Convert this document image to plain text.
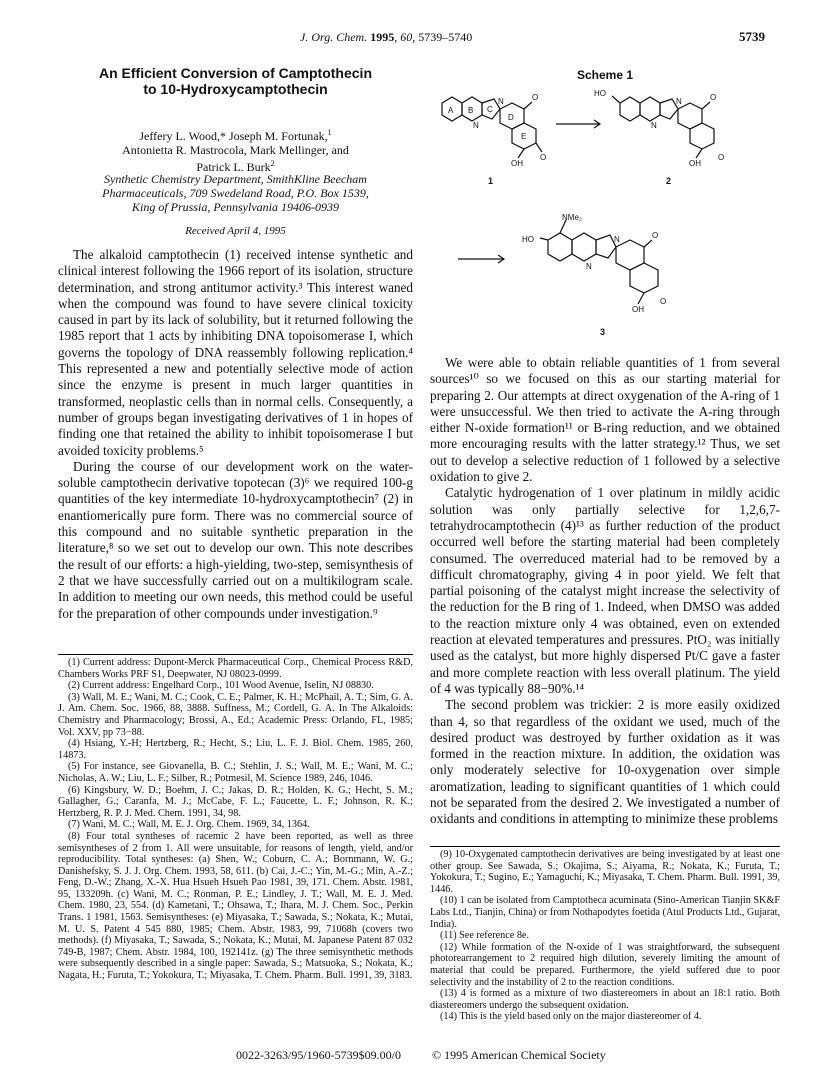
J. Org. Chem. 1995, 60, 5739–5740	5739
An Efficient Conversion of Camptothecin
to 10-Hydroxycamptothecin
Jeffery L. Wood,* Joseph M. Fortunak,$^1$
Antonietta R. Mastrocola, Mark Mellinger, and
Patrick L. Burk$^2$
Synthetic Chemistry Department, SmithKline Beecham
Pharmaceuticals, 709 Swedeland Road, P.O. Box 1539,
King of Prussia, Pennsylvania 19406-0939
Received April 4, 1995

The alkaloid camptothecin (1) received intense synthetic and clinical interest following the 1966 report of its isolation, structure determination, and strong antitumor activity.³ This interest waned when the compound was found to have severe clinical toxicity caused in part by its lack of solubility, but it returned following the 1985 report that 1 acts by inhibiting DNA topoisomerase I, which governs the topology of DNA reassembly following replication.⁴ This represented a new and potentially selective mode of action since the enzyme is present in much larger quantities in transformed, neoplastic cells than in normal cells. Consequently, a number of groups began investigating derivatives of 1 in hopes of finding one that retained the ability to inhibit topoisomerase I but avoided toxicity problems.⁵

During the course of our development work on the water-soluble camptothecin derivative topotecan (3)⁶ we required 100-g quantities of the key intermediate 10-hydroxycamptothecin⁷ (2) in enantiomerically pure form. There was no commercial source of this compound and no suitable synthetic preparation in the literature,⁸ so we set out to develop our own. This note describes the result of our efforts: a high-yielding, two-step, semisynthesis of 2 that we have successfully carried out on a multikilogram scale. In addition to meeting our own needs, this method could be useful for the preparation of other compounds under investigation.⁹

(1) Current address: Dupont-Merck Pharmaceutical Corp., Chemical Process R&D, Chambers Works PRF S1, Deepwater, NJ 08023-0999.

(2) Current address: Engelhard Corp., 101 Wood Avenue, Iselin, NJ 08830.

(3) Wall, M. E.; Wani, M. C.; Cook, C. E.; Palmer, K. H.; McPhail, A. T.; Sim, G. A. J. Am. Chem. Soc. 1966, 88, 3888. Suffness, M.; Cordell, G. A. In The Alkaloids: Chemistry and Pharmacology; Brossi, A., Ed.; Academic Press: Orlando, FL, 1985; Vol. XXV, pp 73−88.

(4) Hsiang, Y.-H; Hertzberg, R.; Hecht, S.; Liu, L. F. J. Biol. Chem. 1985, 260, 14873.

(5) For instance, see Giovanella, B. C.; Stehlin, J. S.; Wall, M. E.; Wani, M. C.; Nicholas, A. W.; Liu, L. F.; Silber, R.; Potmesil, M. Science 1989, 246, 1046.

(6) Kingsbury, W. D.; Boehm, J. C.; Jakas, D. R.; Holden, K. G.; Hecht, S. M.; Gallagher, G.; Caranfa, M. J.; McCabe, F. L.; Faucette, L. F.; Johnson, R. K.; Hertzberg, R. P. J. Med. Chem. 1991, 34, 98.

(7) Wani, M. C.; Wall, M. E. J. Org. Chem. 1969, 34, 1364.

(8) Four total syntheses of racemic 2 have been reported, as well as three semisyntheses of 2 from 1. All were unsuitable, for reasons of length, yield, and/or reproducibility. Total syntheses: (a) Shen, W.; Coburn, C. A.; Bornmann, W. G.; Danishefsky, S. J. J. Org. Chem. 1993, 58, 611. (b) Cai, J.-C.; Yin, M.-G.; Min, A.-Z.; Feng, D.-W.; Zhang, X.-X. Hua Hsueh Hsueh Pao 1981, 39, 171. Chem. Abstr. 1981, 95, 133209h. (c) Wani, M. C.; Ronman, P. E.; Lindley, J. T.; Wall, M. E. J. Med. Chem. 1980, 23, 554. (d) Kametani, T.; Ohsawa, T.; Ihara, M. J. Chem. Soc., Perkin Trans. 1 1981, 1563. Semisyntheses: (e) Miyasaka, T.; Sawada, S.; Nokata, K.; Mutai, M. U. S. Patent 4 545 880, 1985; Chem. Abstr. 1983, 99, 71068h (covers two methods). (f) Miyasaka, T.; Sawada, S.; Nokata, K.; Mutai, M. Japanese Patent 87 032 749-B, 1987; Chem. Abstr. 1984, 100, 192141z. (g) The three semisynthetic methods were subsequently described in a single paper: Sawada, S.; Matsuoka, S.; Nokata, K.; Nagata, H.; Furuta, T.; Yokokura, T.; Miyasaka, T. Chem. Pharm. Bull. 1991, 39, 3183.

Scheme 1
A B C
D
E
N
N
O
OH
O
1
HO
N
N
O
OH
O
2
NMe₂
HO	N
N
O
OH
O
3

We were able to obtain reliable quantities of 1 from several sources¹⁰ so we focused on this as our starting material for preparing 2. Our attempts at direct oxygenation of the A-ring of 1 were unsuccessful. We then tried to activate the A-ring through either N-oxide formation¹¹ or B-ring reduction, and we obtained more encouraging results with the latter strategy.¹² Thus, we set out to develop a selective reduction of 1 followed by a selective oxidation to give 2.

Catalytic hydrogenation of 1 over platinum in mildly acidic solution was only partially selective for 1,2,6,7-tetrahydrocamptothecin (4)¹³ as further reduction of the product occurred well before the starting material had been completely consumed. The overreduced material had to be removed by a difficult chromatography, giving 4 in poor yield. We felt that partial poisoning of the catalyst might increase the selectivity of the reduction for the B ring of 1. Indeed, when DMSO was added to the reaction mixture only 4 was obtained, even on extended reaction at elevated temperatures and pressures. PtO₂ was initially used as the catalyst, but more highly dispersed Pt/C gave a faster and more complete reaction with less overall platinum. The yield of 4 was typically 88−90%.¹⁴

The second problem was trickier: 2 is more easily oxidized than 4, so that regardless of the oxidant we used, much of the desired product was destroyed by further oxidation as it was formed in the reaction mixture. In addition, the oxidation was only moderately selective for 10-oxygenation over simple aromatization, leading to significant quantities of 1 which could not be separated from the desired 2. We investigated a number of oxidants and conditions in attempting to minimize these problems

(9) 10-Oxygenated camptothecin derivatives are being investigated by at least one other group. See Sawada, S.; Okajima, S.; Aiyama, R.; Nokata, K.; Furuta, T.; Yokokura, T.; Sugino, E.; Yamaguchi, K.; Miyasaka, T. Chem. Pharm. Bull. 1991, 39, 1446.

(10) 1 can be isolated from Camptotheca acuminata (Sino-American Tianjin SK&F Labs Ltd., Tianjin, China) or from Nothapodytes foetida (Atul Products Ltd., Gujarat, India).

(11) See reference 8e.

(12) While formation of the N-oxide of 1 was straightforward, the subsequent photorearrangement to 2 required high dilution, severely limiting the amount of material that could be prepared. Furthermore, the yield suffered due to poor selectivity and the instability of 2 to the reaction conditions.

(13) 4 is formed as a mixture of two diastereomers in about an 18:1 ratio. Both diastereomers undergo the subsequent oxidation.

(14) This is the yield based only on the major diastereomer of 4.

0022-3263/95/1960-5739$09.00/0	© 1995 American Chemical Society
